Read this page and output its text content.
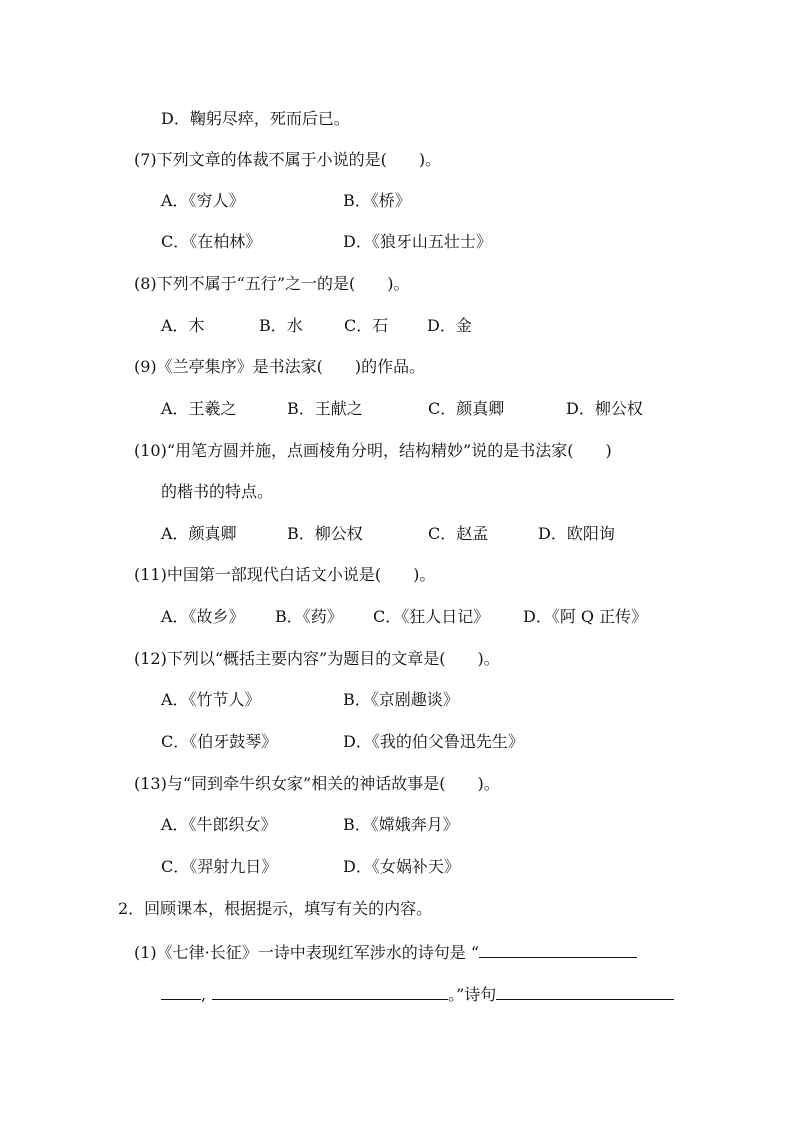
D．鞠躬尽瘁，死而后已。
(7)下列文章的体裁不属于小说的是(　　)。
A．《穷人》	B．《桥》
C．《在柏林》	D．《狼牙山五壮士》
(8)下列不属于“五行”之一的是(　　)。
A．木	B．水	C．石 D．金
(9)《兰亭集序》是书法家(　　)的作品。
A．王羲之	B．王献之	C．颜真卿	D．柳公权
(10)“用笔方圆并施，点画棱角分明，结构精妙”说的是书法家(　　)
的楷书的特点。
A．颜真卿	B．柳公权	C．赵孟	D．欧阳询
(11)中国第一部现代白话文小说是(　　)。
A．《故乡》 B．《药》 C．《狂人日记》 D．《阿 Q 正传》
(12)下列以“概括主要内容”为题目的文章是(　　)。
A．《竹节人》	B．《京剧趣谈》
C．《伯牙鼓琴》	D．《我的伯父鲁迅先生》
(13)与“同到牵牛织女家”相关的神话故事是(　　)。
A．《牛郎织女》	B．《嫦娥奔月》
C．《羿射九日》	D．《女娲补天》
2．回顾课本，根据提示，填写有关的内容。
(1)《七律·长征》一诗中表现红军涉水的诗句是 “
,	。”诗句
